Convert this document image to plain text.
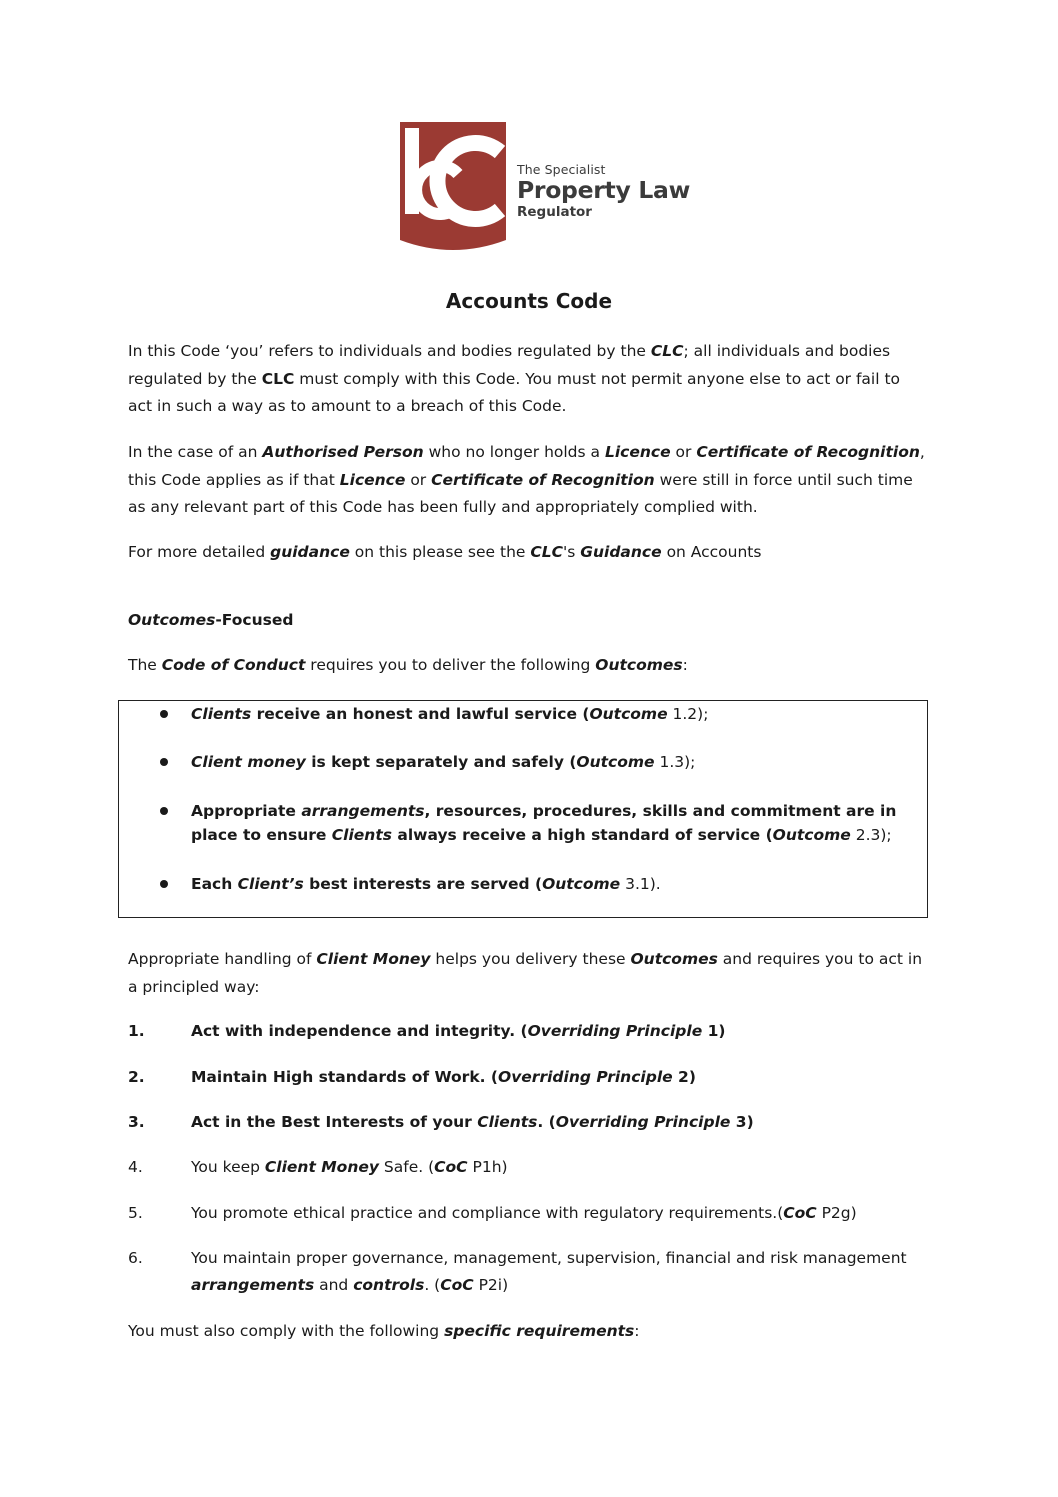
The Specialist
Property Law
Regulator
Accounts Code

In this Code ‘you’ refers to individuals and bodies regulated by the CLC; all individuals and bodies regulated by the CLC must comply with this Code. You must not permit anyone else to act or fail to act in such a way as to amount to a breach of this Code.

In the case of an Authorised Person who no longer holds a Licence or Certificate of Recognition, this Code applies as if that Licence or Certificate of Recognition were still in force until such time as any relevant part of this Code has been fully and appropriately complied with.

For more detailed guidance on this please see the CLC's Guidance on Accounts

Outcomes-Focused

The Code of Conduct requires you to deliver the following Outcomes:

Clients receive an honest and lawful service (Outcome 1.2);
Client money is kept separately and safely (Outcome 1.3);
Appropriate arrangements, resources, procedures, skills and commitment are in place to ensure Clients always receive a high standard of service (Outcome 2.3);
Each Client’s best interests are served (Outcome 3.1).

Appropriate handling of Client Money helps you delivery these Outcomes and requires you to act in a principled way:

1.	Act with independence and integrity. (Overriding Principle 1)
2.	Maintain High standards of Work. (Overriding Principle 2)
3.	Act in the Best Interests of your Clients. (Overriding Principle 3)
4.	You keep Client Money Safe. (CoC P1h)
5.	You promote ethical practice and compliance with regulatory requirements.(CoC P2g)
6.	You maintain proper governance, management, supervision, financial and risk management arrangements and controls. (CoC P2i)

You must also comply with the following specific requirements:
